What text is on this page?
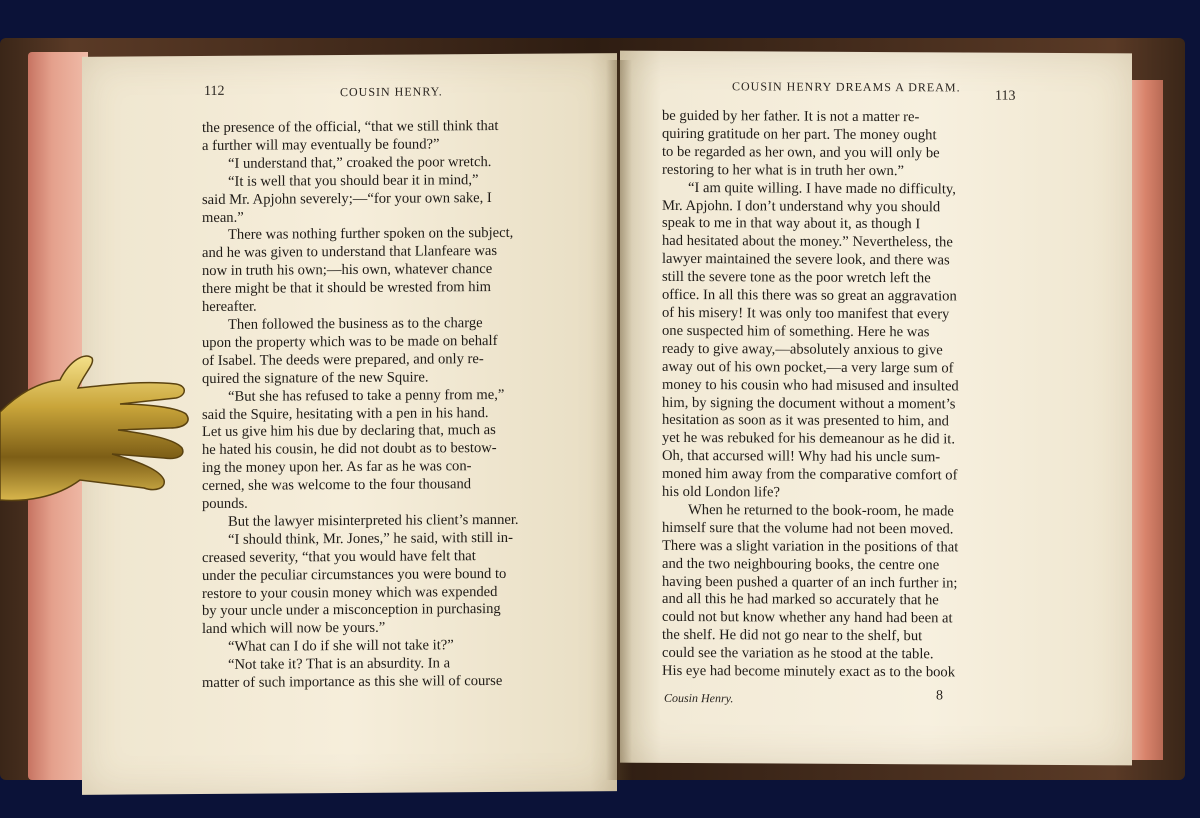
112	COUSIN HENRY.
the presence of the official, “that we still think that
a further will may eventually be found?”
“I understand that,” croaked the poor wretch.
“It is well that you should bear it in mind,”
said Mr. Apjohn severely;—“for your own sake, I
mean.”
There was nothing further spoken on the subject,
and he was given to understand that Llanfeare was
now in truth his own;—his own, whatever chance
there might be that it should be wrested from him
hereafter.
Then followed the business as to the charge
upon the property which was to be made on behalf
of Isabel. The deeds were prepared, and only re-
quired the signature of the new Squire.
“But she has refused to take a penny from me,”
said the Squire, hesitating with a pen in his hand.
Let us give him his due by declaring that, much as
he hated his cousin, he did not doubt as to bestow-
ing the money upon her. As far as he was con-
cerned, she was welcome to the four thousand
pounds.
But the lawyer misinterpreted his client’s manner.
“I should think, Mr. Jones,” he said, with still in-
creased severity, “that you would have felt that
under the peculiar circumstances you were bound to
restore to your cousin money which was expended
by your uncle under a misconception in purchasing
land which will now be yours.”
“What can I do if she will not take it?”
“Not take it? That is an absurdity. In a
matter of such importance as this she will of course
COUSIN HENRY DREAMS A DREAM.
113
be guided by her father. It is not a matter re-
quiring gratitude on her part. The money ought
to be regarded as her own, and you will only be
restoring to her what is in truth her own.”
“I am quite willing. I have made no difficulty,
Mr. Apjohn. I don’t understand why you should
speak to me in that way about it, as though I
had hesitated about the money.” Nevertheless, the
lawyer maintained the severe look, and there was
still the severe tone as the poor wretch left the
office. In all this there was so great an aggravation
of his misery! It was only too manifest that every
one suspected him of something. Here he was
ready to give away,—absolutely anxious to give
away out of his own pocket,—a very large sum of
money to his cousin who had misused and insulted
him, by signing the document without a moment’s
hesitation as soon as it was presented to him, and
yet he was rebuked for his demeanour as he did it.
Oh, that accursed will! Why had his uncle sum-
moned him away from the comparative comfort of
his old London life?
When he returned to the book-room, he made
himself sure that the volume had not been moved.
There was a slight variation in the positions of that
and the two neighbouring books, the centre one
having been pushed a quarter of an inch further in;
and all this he had marked so accurately that he
could not but know whether any hand had been at
the shelf. He did not go near to the shelf, but
could see the variation as he stood at the table.
His eye had become minutely exact as to the book
Cousin Henry.	8
